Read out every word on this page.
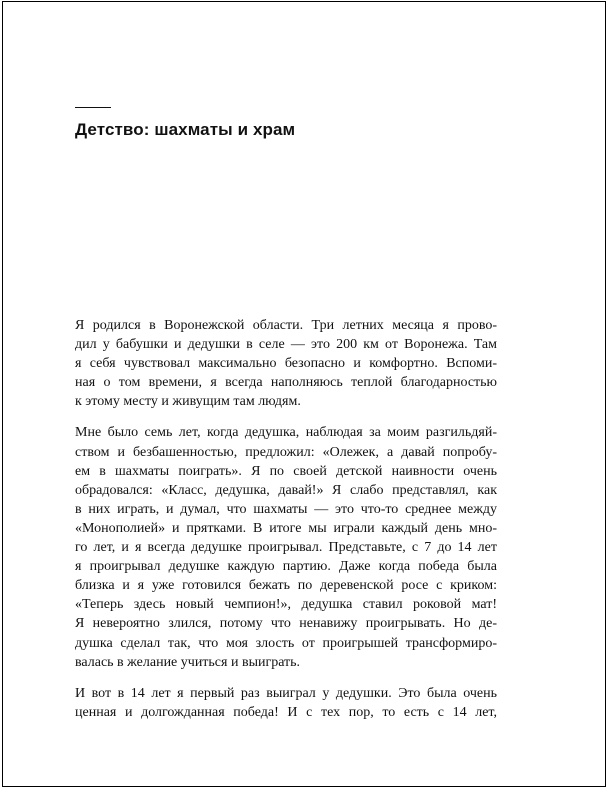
Детство: шахматы и храм

Я родился в Воронежской области. Три летних месяца я прово-
дил у бабушки и дедушки в селе — это 200 км от Воронежа. Там
я себя чувствовал максимально безопасно и комфортно. Вспоми-
ная о том времени, я всегда наполняюсь теплой благодарностью
к этому месту и живущим там людям.

Мне было семь лет, когда дедушка, наблюдая за моим разгильдяй-
ством и безбашенностью, предложил: «Олежек, а давай попробу-
ем в шахматы поиграть». Я по своей детской наивности очень
обрадовался: «Класс, дедушка, давай!» Я слабо представлял, как
в них играть, и думал, что шахматы — это что-то среднее между
«Монополией» и прятками. В итоге мы играли каждый день мно-
го лет, и я всегда дедушке проигрывал. Представьте, с 7 до 14 лет
я проигрывал дедушке каждую партию. Даже когда победа была
близка и я уже готовился бежать по деревенской росе с криком:
«Теперь здесь новый чемпион!», дедушка ставил роковой мат!
Я невероятно злился, потому что ненавижу проигрывать. Но де-
душка сделал так, что моя злость от проигрышей трансформиро-
валась в желание учиться и выиграть.

И вот в 14 лет я первый раз выиграл у дедушки. Это была очень
ценная и долгожданная победа! И с тех пор, то есть с 14 лет,
